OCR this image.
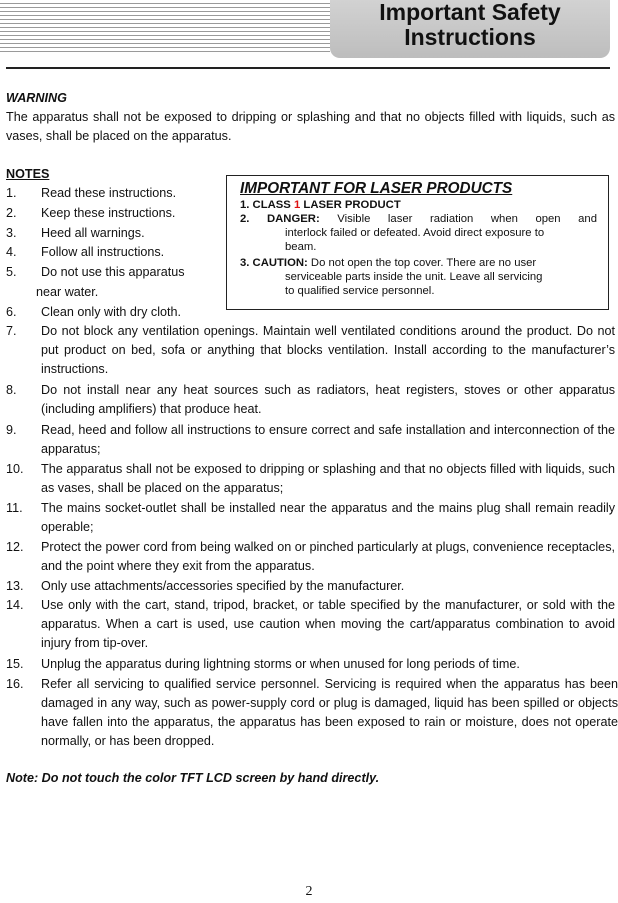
Important Safety
Instructions
WARNING
The apparatus shall not be exposed to dripping or splashing and that no objects filled with liquids, such as vases, shall be placed on the apparatus.
NOTES
1. Read these instructions.
2. Keep these instructions.
3. Heed all warnings.
4. Follow all instructions.
5. Do not use this apparatus
near water.
6. Clean only with dry cloth.
IMPORTANT FOR LASER PRODUCTS
1. CLASS 1 LASER PRODUCT
2. DANGER: Visible laser radiation when open and
interlock failed or defeated. Avoid direct exposure to
beam.
3. CAUTION: Do not open the top cover. There are no user
serviceable parts inside the unit. Leave all servicing
to qualified service personnel.
7. Do not block any ventilation openings. Maintain well ventilated conditions around the product. Do not put product on bed, sofa or anything that blocks ventilation. Install according to the manufacturer’s instructions.
8. Do not install near any heat sources such as radiators, heat registers, stoves or other apparatus (including amplifiers) that produce heat.
9. Read, heed and follow all instructions to ensure correct and safe installation and interconnection of the apparatus;
10. The apparatus shall not be exposed to dripping or splashing and that no objects filled with liquids, such as vases, shall be placed on the apparatus;
11. The mains socket-outlet shall be installed near the apparatus and the mains plug shall remain readily operable;
12. Protect the power cord from being walked on or pinched particularly at plugs, convenience receptacles, and the point where they exit from the apparatus.
13. Only use attachments/accessories specified by the manufacturer.
14. Use only with the cart, stand, tripod, bracket, or table specified by the manufacturer, or sold with the apparatus. When a cart is used, use caution when moving the cart/apparatus combination to avoid injury from tip-over.
15. Unplug the apparatus during lightning storms or when unused for long periods of time.
16. Refer all servicing to qualified service personnel. Servicing is required when the apparatus has been damaged in any way, such as power-supply cord or plug is damaged, liquid has been spilled or objects have fallen into the apparatus, the apparatus has been exposed to rain or moisture, does not operate normally, or has been dropped.
Note: Do not touch the color TFT LCD screen by hand directly.
2
